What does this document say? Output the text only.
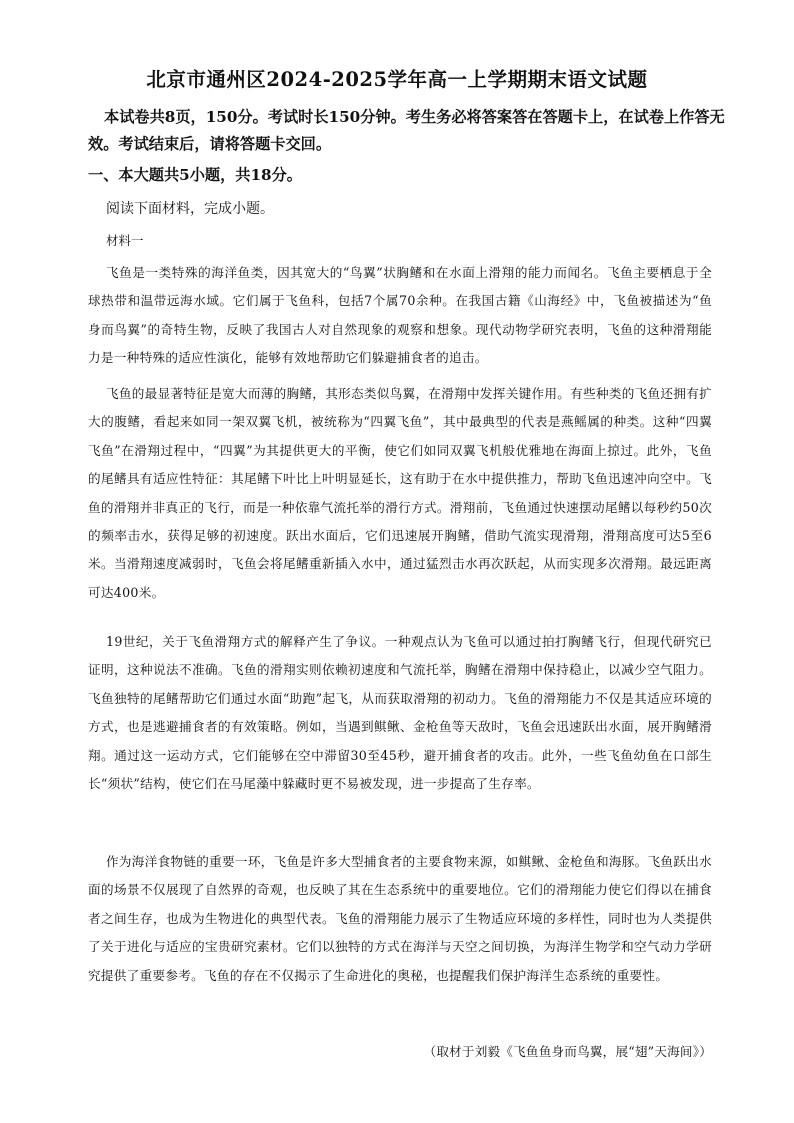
北京市通州区2024-2025学年高一上学期期末语文试题
本试卷共8页，150分。考试时长150分钟。考生务必将答案答在答题卡上，在试卷上作答无效。考试结束后，请将答题卡交回。
一、本大题共5小题，共18分。
阅读下面材料，完成小题。
材料一

飞鱼是一类特殊的海洋鱼类，因其宽大的“鸟翼”状胸鳍和在水面上滑翔的能力而闻名。飞鱼主要栖息于全球热带和温带远海水域。它们属于飞鱼科，包括7个属70余种。在我国古籍《山海经》中，飞鱼被描述为“鱼身而鸟翼”的奇特生物，反映了我国古人对自然现象的观察和想象。现代动物学研究表明，飞鱼的这种滑翔能力是一种特殊的适应性演化，能够有效地帮助它们躲避捕食者的追击。

飞鱼的最显著特征是宽大而薄的胸鳍，其形态类似鸟翼，在滑翔中发挥关键作用。有些种类的飞鱼还拥有扩大的腹鳍，看起来如同一架双翼飞机，被统称为“四翼飞鱼”，其中最典型的代表是燕鳐属的种类。这种“四翼飞鱼”在滑翔过程中，“四翼”为其提供更大的平衡，使它们如同双翼飞机般优雅地在海面上掠过。此外，飞鱼的尾鳍具有适应性特征：其尾鳍下叶比上叶明显延长，这有助于在水中提供推力，帮助飞鱼迅速冲向空中。飞鱼的滑翔并非真正的飞行，而是一种依靠气流托举的滑行方式。滑翔前，飞鱼通过快速摆动尾鳍以每秒约50次的频率击水，获得足够的初速度。跃出水面后，它们迅速展开胸鳍，借助气流实现滑翔，滑翔高度可达5至6米。当滑翔速度减弱时，飞鱼会将尾鳍重新插入水中，通过猛烈击水再次跃起，从而实现多次滑翔。最远距离可达400米。

19世纪，关于飞鱼滑翔方式的解释产生了争议。一种观点认为飞鱼可以通过拍打胸鳍飞行，但现代研究已证明，这种说法不准确。飞鱼的滑翔实则依赖初速度和气流托举，胸鳍在滑翔中保持稳止，以减少空气阻力。飞鱼独特的尾鳍帮助它们通过水面“助跑”起飞，从而获取滑翔的初动力。飞鱼的滑翔能力不仅是其适应环境的方式，也是逃避捕食者的有效策略。例如，当遇到鲯鳅、金枪鱼等天敌时，飞鱼会迅速跃出水面，展开胸鳍滑翔。通过这一运动方式，它们能够在空中滞留30至45秒，避开捕食者的攻击。此外，一些飞鱼幼鱼在口部生长“须状”结构，使它们在马尾藻中躲藏时更不易被发现，进一步提高了生存率。

作为海洋食物链的重要一环，飞鱼是许多大型捕食者的主要食物来源，如鲯鳅、金枪鱼和海豚。飞鱼跃出水面的场景不仅展现了自然界的奇观，也反映了其在生态系统中的重要地位。它们的滑翔能力使它们得以在捕食者之间生存，也成为生物进化的典型代表。飞鱼的滑翔能力展示了生物适应环境的多样性，同时也为人类提供了关于进化与适应的宝贵研究素材。它们以独特的方式在海洋与天空之间切换，为海洋生物学和空气动力学研究提供了重要参考。飞鱼的存在不仅揭示了生命进化的奥秘，也提醒我们保护海洋生态系统的重要性。

（取材于刘毅《飞鱼鱼身而鸟翼，展“翅”天海间》）
